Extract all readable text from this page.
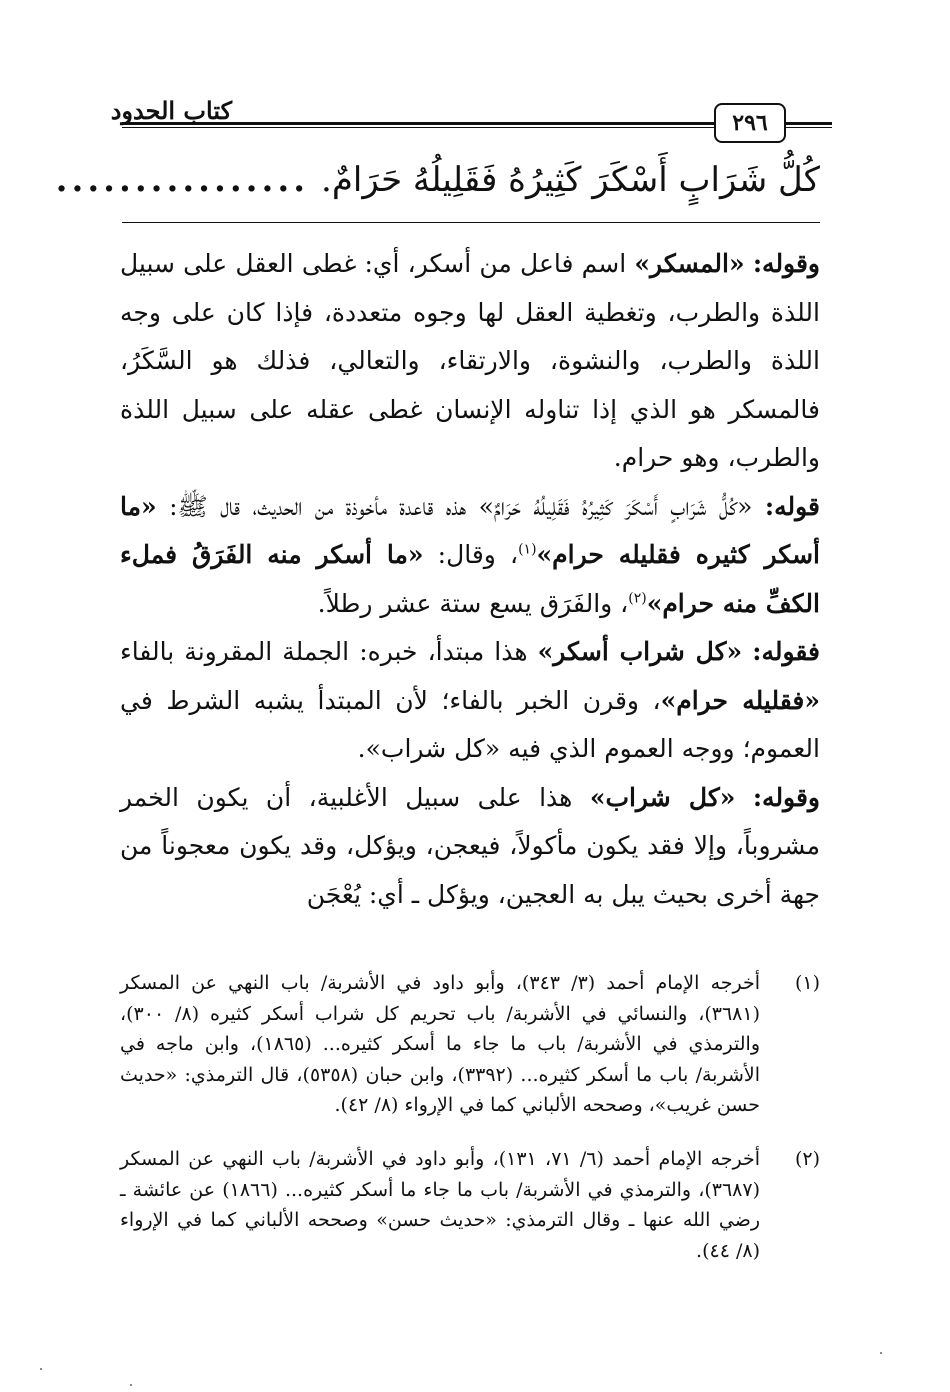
كتاب الحدود	٢٩٦
كُلُّ شَرَابٍ أَسْكَرَ كَثِيرُهُ فَقَلِيلُهُ حَرَامٌ.
................

وقوله: «المسكر» اسم فاعل من أسكر، أي: غطى العقل على سبيل اللذة والطرب، وتغطية العقل لها وجوه متعددة، فإذا كان على وجه اللذة والطرب، والنشوة، والارتقاء، والتعالي، فذلك هو السَّكَرُ، فالمسكر هو الذي إذا تناوله الإنسان غطى عقله على سبيل اللذة والطرب، وهو حرام.

قوله: «كُلُّ شَرَابٍ أَسْكَرَ كَثِيرُهُ فَقَلِيلُهُ حَرَامٌ» هذه قاعدة مأخوذة من الحديث، قال ﷺ: «ما أسكر كثيره فقليله حرام»$^{(١)}$، وقال: «ما أسكر منه الفَرَقُ فملء الكفِّ منه حرام»$^{(٢)}$، والفَرَق يسع ستة عشر رطلاً.

فقوله: «كل شراب أسكر» هذا مبتدأ، خبره: الجملة المقرونة بالفاء «فقليله حرام»، وقرن الخبر بالفاء؛ لأن المبتدأ يشبه الشرط في العموم؛ ووجه العموم الذي فيه «كل شراب».

وقوله: «كل شراب» هذا على سبيل الأغلبية، أن يكون الخمر مشروباً، وإلا فقد يكون مأكولاً، فيعجن، ويؤكل، وقد يكون معجوناً من جهة أخرى بحيث يبل به العجين، ويؤكل ـ أي: يُعْجَن

(١)
أخرجه الإمام أحمد (٣/ ٣٤٣)، وأبو داود في الأشربة/ باب النهي عن المسكر (٣٦٨١)، والنسائي في الأشربة/ باب تحريم كل شراب أسكر كثيره (٨/ ٣٠٠)، والترمذي في الأشربة/ باب ما جاء ما أسكر كثيره... (١٨٦٥)، وابن ماجه في الأشربة/ باب ما أسكر كثيره... (٣٣٩٢)، وابن حبان (٥٣٥٨)، قال الترمذي: «حديث حسن غريب»، وصححه الألباني كما في الإرواء (٨/ ٤٢).
(٢)
أخرجه الإمام أحمد (٦/ ٧١، ١٣١)، وأبو داود في الأشربة/ باب النهي عن المسكر (٣٦٨٧)، والترمذي في الأشربة/ باب ما جاء ما أسكر كثيره... (١٨٦٦) عن عائشة ـ رضي الله عنها ـ وقال الترمذي: «حديث حسن» وصححه الألباني كما في الإرواء (٨/ ٤٤).
